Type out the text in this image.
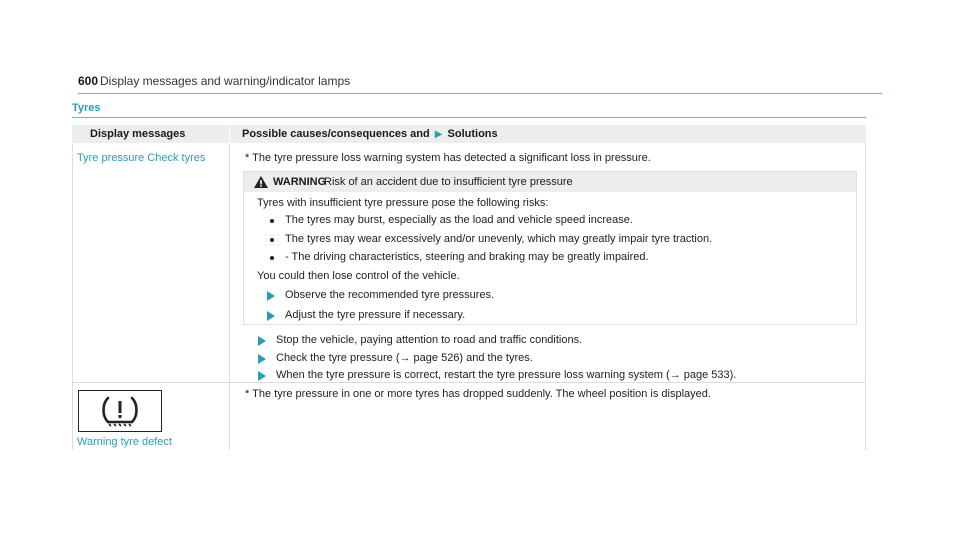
600 Display messages and warning/indicator lamps
Tyres
Display messages	Possible causes/consequences and ▶ Solutions
Tyre pressure Check tyres	* The tyre pressure loss warning system has detected a significant loss in pressure.
WARNING
Risk of an accident due to insufficient tyre pressure
Tyres with insufficient tyre pressure pose the following risks:
The tyres may burst, especially as the load and vehicle speed increase.
The tyres may wear excessively and/or unevenly, which may greatly impair tyre traction.
- The driving characteristics, steering and braking may be greatly impaired.
You could then lose control of the vehicle.
Observe the recommended tyre pressures.
Adjust the tyre pressure if necessary.
Stop the vehicle, paying attention to road and traffic conditions.
Check the tyre pressure (→ page 526) and the tyres.
When the tyre pressure is correct, restart the tyre pressure loss warning system (→ page 533).
Warning tyre defect
* The tyre pressure in one or more tyres has dropped suddenly. The wheel position is displayed.
